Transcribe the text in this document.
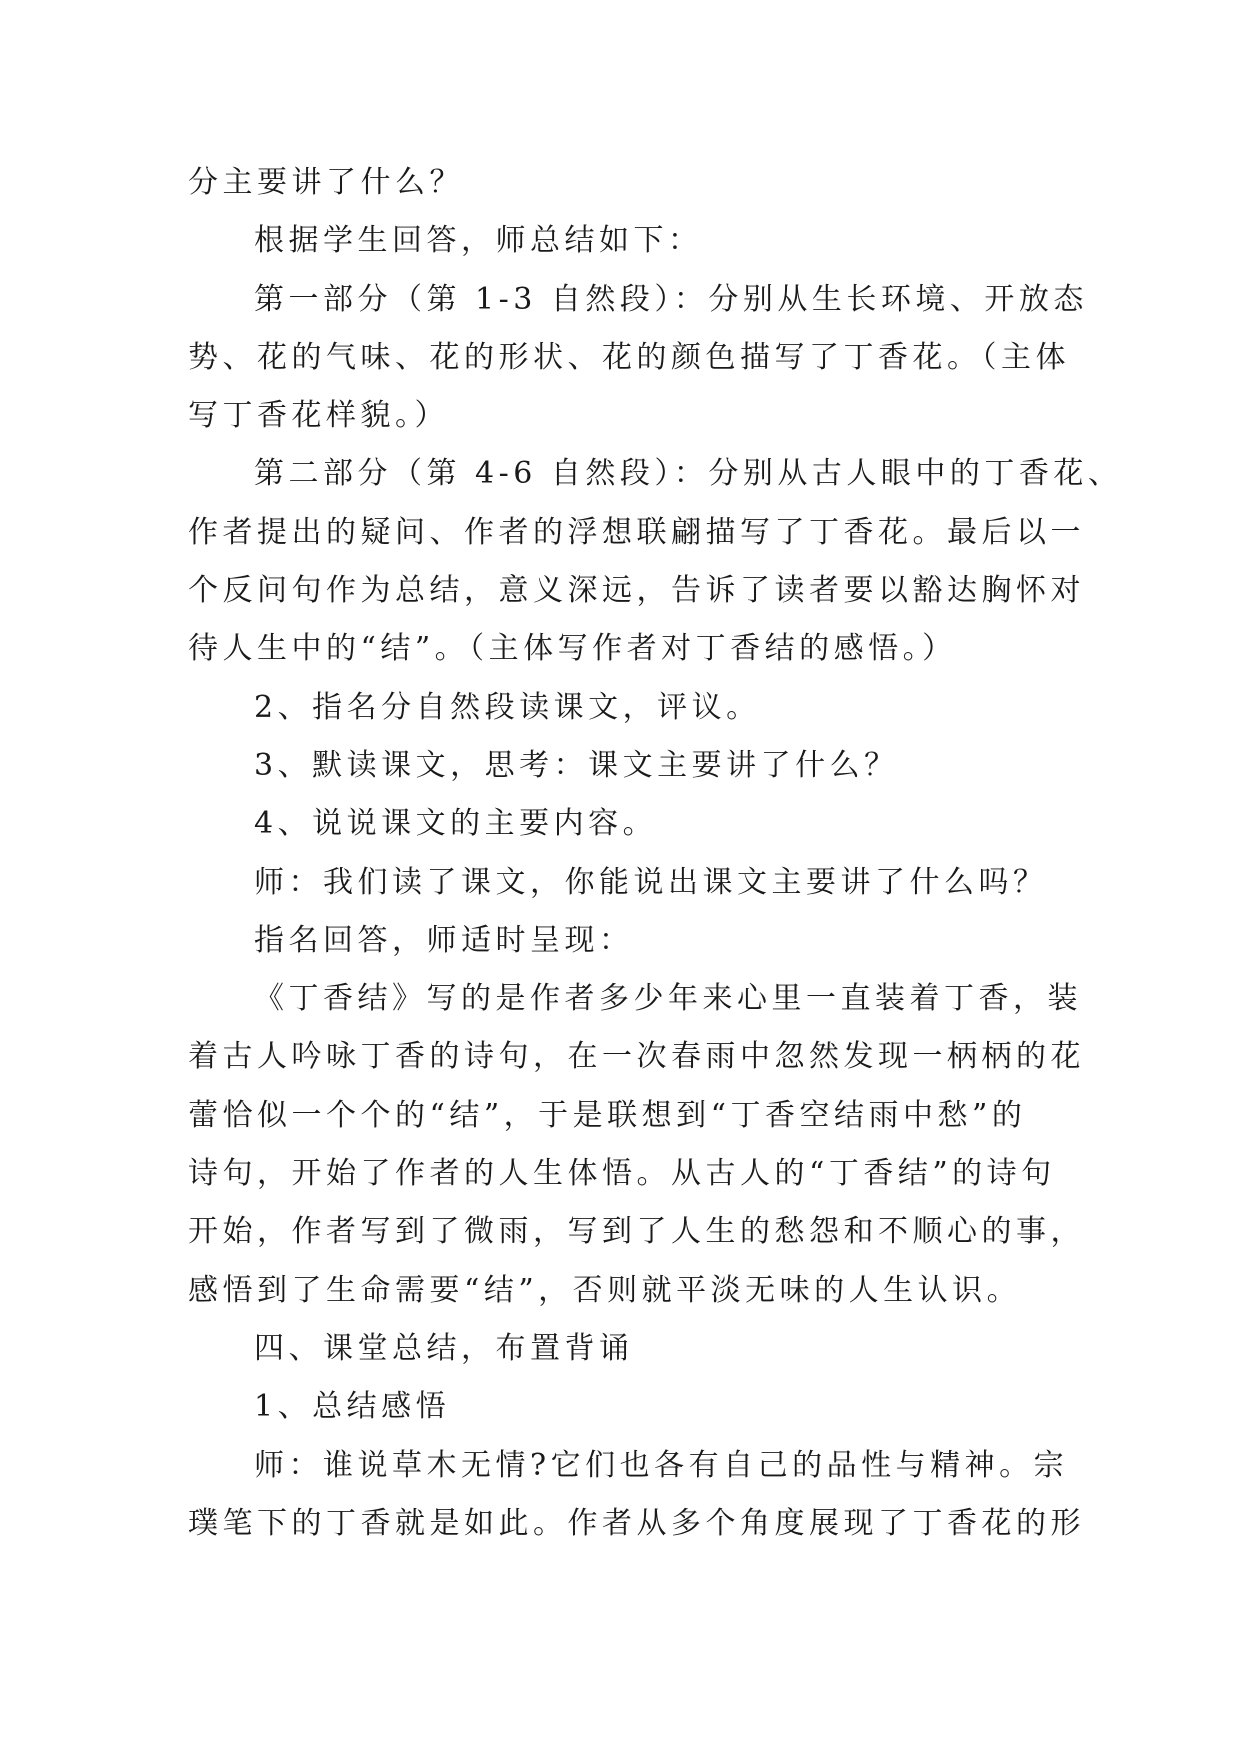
分主要讲了什么？
根据学生回答，师总结如下：
第一部分（第 1-3 自然段）：分别从生长环境、开放态
势、花的气味、花的形状、花的颜色描写了丁香花。（主体
写丁香花样貌。）
第二部分（第 4-6 自然段）：分别从古人眼中的丁香花、
作者提出的疑问、作者的浮想联翩描写了丁香花。最后以一
个反问句作为总结，意义深远，告诉了读者要以豁达胸怀对
待人生中的“结”。（主体写作者对丁香结的感悟。）
2、指名分自然段读课文，评议。
3、默读课文，思考：课文主要讲了什么？
4、说说课文的主要内容。
师：我们读了课文，你能说出课文主要讲了什么吗？
指名回答，师适时呈现：
《丁香结》写的是作者多少年来心里一直装着丁香，装
着古人吟咏丁香的诗句，在一次春雨中忽然发现一柄柄的花
蕾恰似一个个的“结”，于是联想到“丁香空结雨中愁”的
诗句，开始了作者的人生体悟。从古人的“丁香结”的诗句
开始，作者写到了微雨，写到了人生的愁怨和不顺心的事，
感悟到了生命需要“结”，否则就平淡无味的人生认识。
四、课堂总结，布置背诵
1、总结感悟
师：谁说草木无情?它们也各有自己的品性与精神。宗
璞笔下的丁香就是如此。作者从多个角度展现了丁香花的形
